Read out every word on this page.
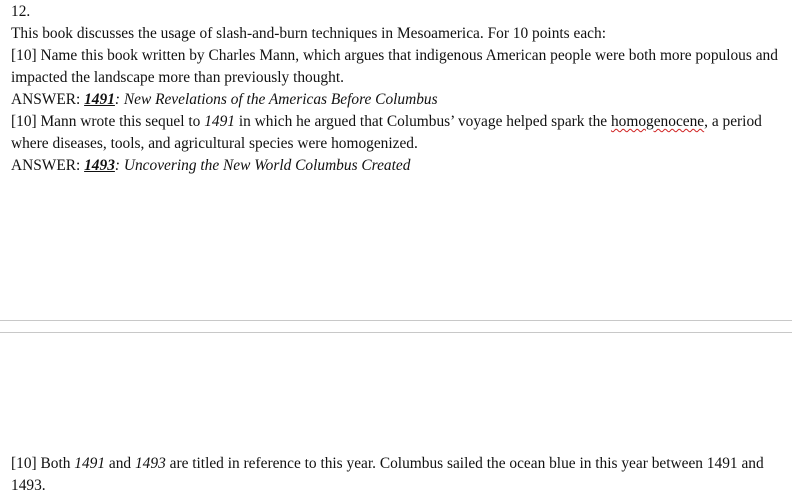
12.

This book discusses the usage of slash-and-burn techniques in Mesoamerica. For 10 points each:

[10] Name this book written by Charles Mann, which argues that indigenous American people were both more populous and impacted the landscape more than previously thought.

ANSWER: 1491: New Revelations of the Americas Before Columbus

[10] Mann wrote this sequel to 1491 in which he argued that Columbus’ voyage helped spark the homogenocene, a period where diseases, tools, and agricultural species were homogenized.

ANSWER: 1493: Uncovering the New World Columbus Created

[10] Both 1491 and 1493 are titled in reference to this year. Columbus sailed the ocean blue in this year between 1491 and 1493.
